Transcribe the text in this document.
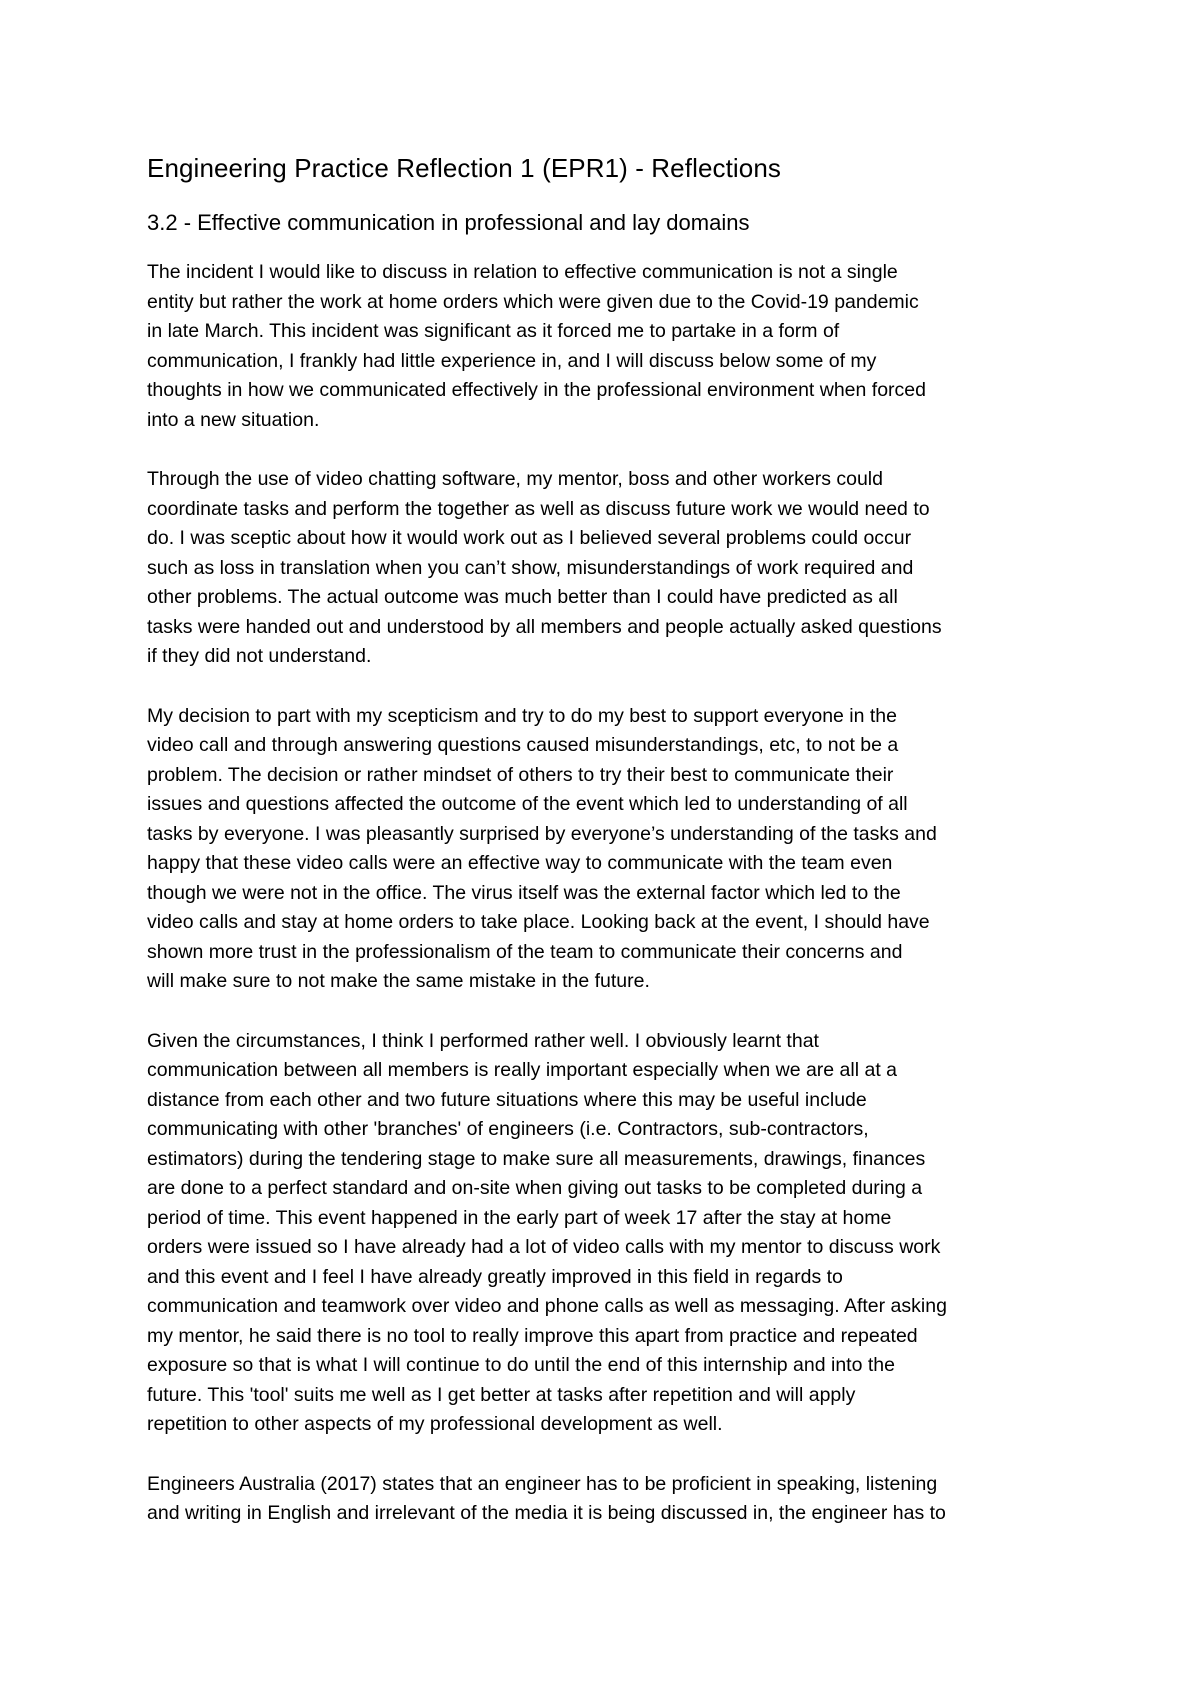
Engineering Practice Reflection 1 (EPR1) - Reflections
3.2 - Effective communication in professional and lay domains

The incident I would like to discuss in relation to effective communication is not a single
entity but rather the work at home orders which were given due to the Covid-19 pandemic
in late March. This incident was significant as it forced me to partake in a form of
communication, I frankly had little experience in, and I will discuss below some of my
thoughts in how we communicated effectively in the professional environment when forced
into a new situation.

Through the use of video chatting software, my mentor, boss and other workers could
coordinate tasks and perform the together as well as discuss future work we would need to
do. I was sceptic about how it would work out as I believed several problems could occur
such as loss in translation when you can’t show, misunderstandings of work required and
other problems. The actual outcome was much better than I could have predicted as all
tasks were handed out and understood by all members and people actually asked questions
if they did not understand.

My decision to part with my scepticism and try to do my best to support everyone in the
video call and through answering questions caused misunderstandings, etc, to not be a
problem. The decision or rather mindset of others to try their best to communicate their
issues and questions affected the outcome of the event which led to understanding of all
tasks by everyone. I was pleasantly surprised by everyone’s understanding of the tasks and
happy that these video calls were an effective way to communicate with the team even
though we were not in the office. The virus itself was the external factor which led to the
video calls and stay at home orders to take place. Looking back at the event, I should have
shown more trust in the professionalism of the team to communicate their concerns and
will make sure to not make the same mistake in the future.

Given the circumstances, I think I performed rather well. I obviously learnt that
communication between all members is really important especially when we are all at a
distance from each other and two future situations where this may be useful include
communicating with other 'branches' of engineers (i.e. Contractors, sub-contractors,
estimators) during the tendering stage to make sure all measurements, drawings, finances
are done to a perfect standard and on-site when giving out tasks to be completed during a
period of time. This event happened in the early part of week 17 after the stay at home
orders were issued so I have already had a lot of video calls with my mentor to discuss work
and this event and I feel I have already greatly improved in this field in regards to
communication and teamwork over video and phone calls as well as messaging. After asking
my mentor, he said there is no tool to really improve this apart from practice and repeated
exposure so that is what I will continue to do until the end of this internship and into the
future. This 'tool' suits me well as I get better at tasks after repetition and will apply
repetition to other aspects of my professional development as well.

Engineers Australia (2017) states that an engineer has to be proficient in speaking, listening
and writing in English and irrelevant of the media it is being discussed in, the engineer has to
